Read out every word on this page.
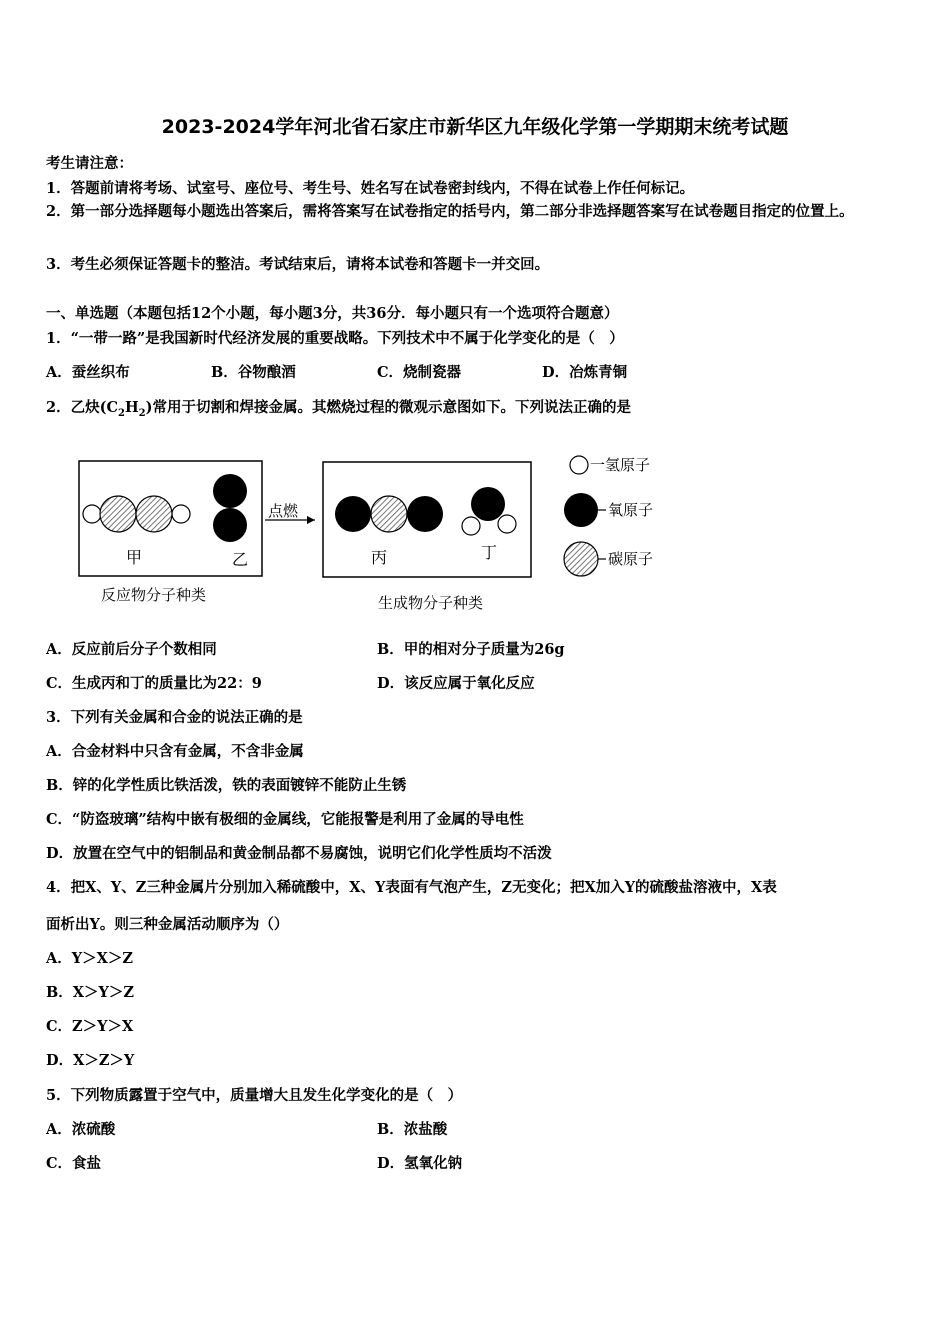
2023-2024学年河北省石家庄市新华区九年级化学第一学期期末统考试题
考生请注意：
1．答题前请将考场、试室号、座位号、考生号、姓名写在试卷密封线内，不得在试卷上作任何标记。
2．第一部分选择题每小题选出答案后，需将答案写在试卷指定的括号内，第二部分非选择题答案写在试卷题目指定的位置上。
3．考生必须保证答题卡的整洁。考试结束后，请将本试卷和答题卡一并交回。
一、单选题（本题包括12个小题，每小题3分，共36分．每小题只有一个选项符合题意）
1．“一带一路”是我国新时代经济发展的重要战略。下列技术中不属于化学变化的是（　）
A．蚕丝织布	B．谷物酿酒	C．烧制瓷器	D．冶炼青铜
2．乙炔$(C_2H_2)$常用于切割和焊接金属。其燃烧过程的微观示意图如下。下列说法正确的是
甲	乙
点燃
丙	丁
反应物分子种类	生成物分子种类
一氢原子
氧原子
碳原子
A．反应前后分子个数相同	B．甲的相对分子质量为26g
C．生成丙和丁的质量比为22：9	D．该反应属于氧化反应
3．下列有关金属和合金的说法正确的是
A．合金材料中只含有金属，不含非金属
B．锌的化学性质比铁活泼，铁的表面镀锌不能防止生锈
C．“防盗玻璃”结构中嵌有极细的金属线，它能报警是利用了金属的导电性
D．放置在空气中的铝制品和黄金制品都不易腐蚀，说明它们化学性质均不活泼
4．把X、Y、Z三种金属片分别加入稀硫酸中，X、Y表面有气泡产生，Z无变化；把X加入Y的硫酸盐溶液中，X表
面析出Y。则三种金属活动顺序为（）
A．Y＞X＞Z
B．X＞Y＞Z
C．Z＞Y＞X
D．X＞Z＞Y
5．下列物质露置于空气中，质量增大且发生化学变化的是（　）
A．浓硫酸	B．浓盐酸
C．食盐	D．氢氧化钠
